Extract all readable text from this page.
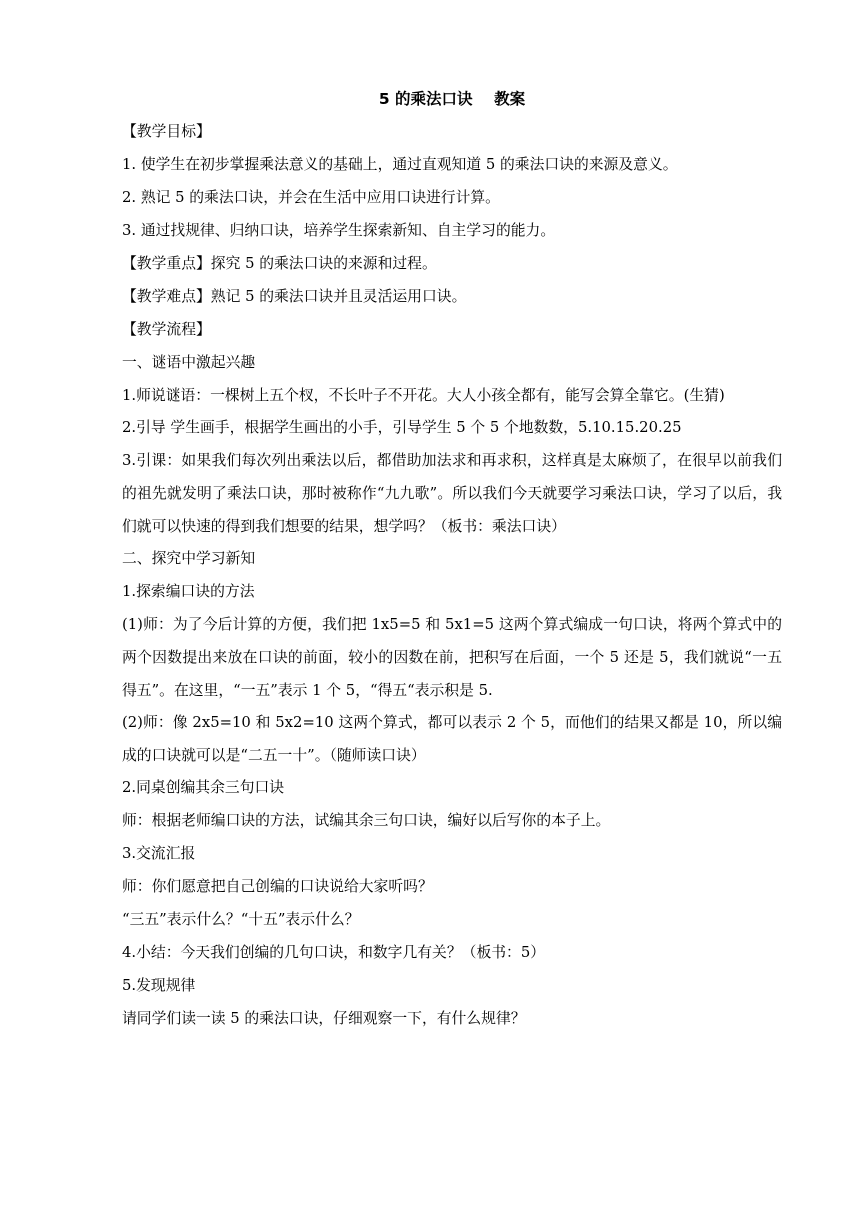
5 的乘法口诀    教案
【教学目标】
1. 使学生在初步掌握乘法意义的基础上，通过直观知道 5 的乘法口诀的来源及意义。
2. 熟记 5 的乘法口诀，并会在生活中应用口诀进行计算。
3. 通过找规律、归纳口诀，培养学生探索新知、自主学习的能力。
【教学重点】探究 5 的乘法口诀的来源和过程。
【教学难点】熟记 5 的乘法口诀并且灵活运用口诀。
【教学流程】
一、谜语中激起兴趣
1.师说谜语：一棵树上五个杈，不长叶子不开花。大人小孩全都有，能写会算全靠它。(生猜)
2.引导 学生画手，根据学生画出的小手，引导学生 5 个 5 个地数数，5.10.15.20.25
3.引课：如果我们每次列出乘法以后，都借助加法求和再求积，这样真是太麻烦了，在很早以前我们的祖先就发明了乘法口诀，那时被称作“九九歌”。所以我们今天就要学习乘法口诀，学习了以后，我们就可以快速的得到我们想要的结果，想学吗？（板书：乘法口诀）
二、探究中学习新知
1.探索编口诀的方法
(1)师：为了今后计算的方便，我们把 1x5=5 和 5x1=5 这两个算式编成一句口诀，将两个算式中的两个因数提出来放在口诀的前面，较小的因数在前，把积写在后面，一个 5 还是 5，我们就说“一五得五”。在这里，“一五”表示 1 个 5，“得五“表示积是 5.
(2)师：像 2x5=10 和 5x2=10 这两个算式，都可以表示 2 个 5，而他们的结果又都是 10，所以编成的口诀就可以是“二五一十”。（随师读口诀）
2.同桌创编其余三句口诀
师：根据老师编口诀的方法，试编其余三句口诀，编好以后写你的本子上。
3.交流汇报
师：你们愿意把自己创编的口诀说给大家听吗？
“三五”表示什么？“十五”表示什么？
4.小结：今天我们创编的几句口诀，和数字几有关？（板书：5）
5.发现规律
请同学们读一读 5 的乘法口诀，仔细观察一下，有什么规律？
